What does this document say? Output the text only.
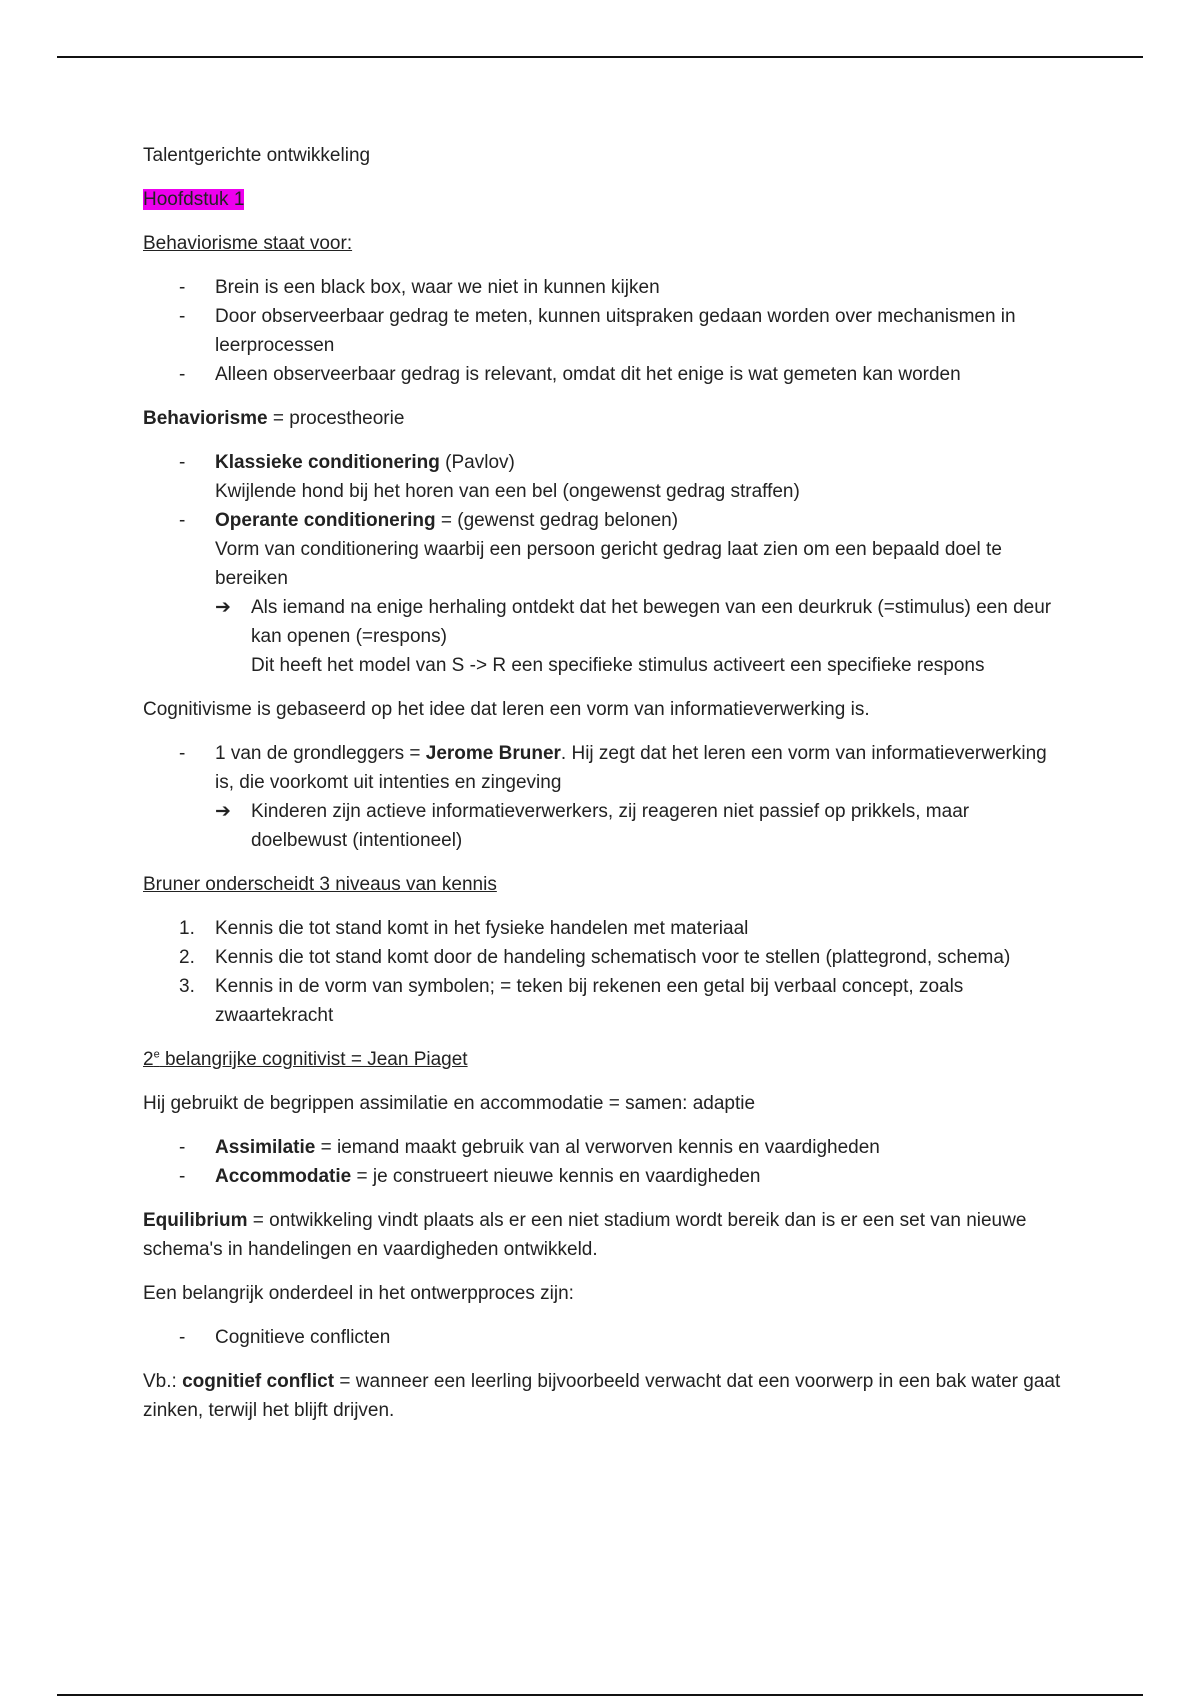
Talentgerichte ontwikkeling

Hoofdstuk 1

Behaviorisme staat voor:

- Brein is een black box, waar we niet in kunnen kijken
- Door observeerbaar gedrag te meten, kunnen uitspraken gedaan worden over mechanismen in leerprocessen
- Alleen observeerbaar gedrag is relevant, omdat dit het enige is wat gemeten kan worden

Behaviorisme = procestheorie

- Klassieke conditionering (Pavlov)
Kwijlende hond bij het horen van een bel (ongewenst gedrag straffen)
- Operante conditionering = (gewenst gedrag belonen)
Vorm van conditionering waarbij een persoon gericht gedrag laat zien om een bepaald doel te bereiken
➔ Als iemand na enige herhaling ontdekt dat het bewegen van een deurkruk (=stimulus) een deur kan openen (=respons)
Dit heeft het model van S -> R een specifieke stimulus activeert een specifieke respons

Cognitivisme is gebaseerd op het idee dat leren een vorm van informatieverwerking is.

- 1 van de grondleggers = Jerome Bruner. Hij zegt dat het leren een vorm van informatieverwerking is, die voorkomt uit intenties en zingeving
➔ Kinderen zijn actieve informatieverwerkers, zij reageren niet passief op prikkels, maar doelbewust (intentioneel)

Bruner onderscheidt 3 niveaus van kennis

1. Kennis die tot stand komt in het fysieke handelen met materiaal
2. Kennis die tot stand komt door de handeling schematisch voor te stellen (plattegrond, schema)
3. Kennis in de vorm van symbolen; = teken bij rekenen een getal bij verbaal concept, zoals zwaartekracht

2e belangrijke cognitivist = Jean Piaget

Hij gebruikt de begrippen assimilatie en accommodatie = samen: adaptie

- Assimilatie = iemand maakt gebruik van al verworven kennis en vaardigheden
- Accommodatie = je construeert nieuwe kennis en vaardigheden

Equilibrium = ontwikkeling vindt plaats als er een niet stadium wordt bereik dan is er een set van nieuwe schema's in handelingen en vaardigheden ontwikkeld.

Een belangrijk onderdeel in het ontwerpproces zijn:

- Cognitieve conflicten

Vb.: cognitief conflict = wanneer een leerling bijvoorbeeld verwacht dat een voorwerp in een bak water gaat zinken, terwijl het blijft drijven.
